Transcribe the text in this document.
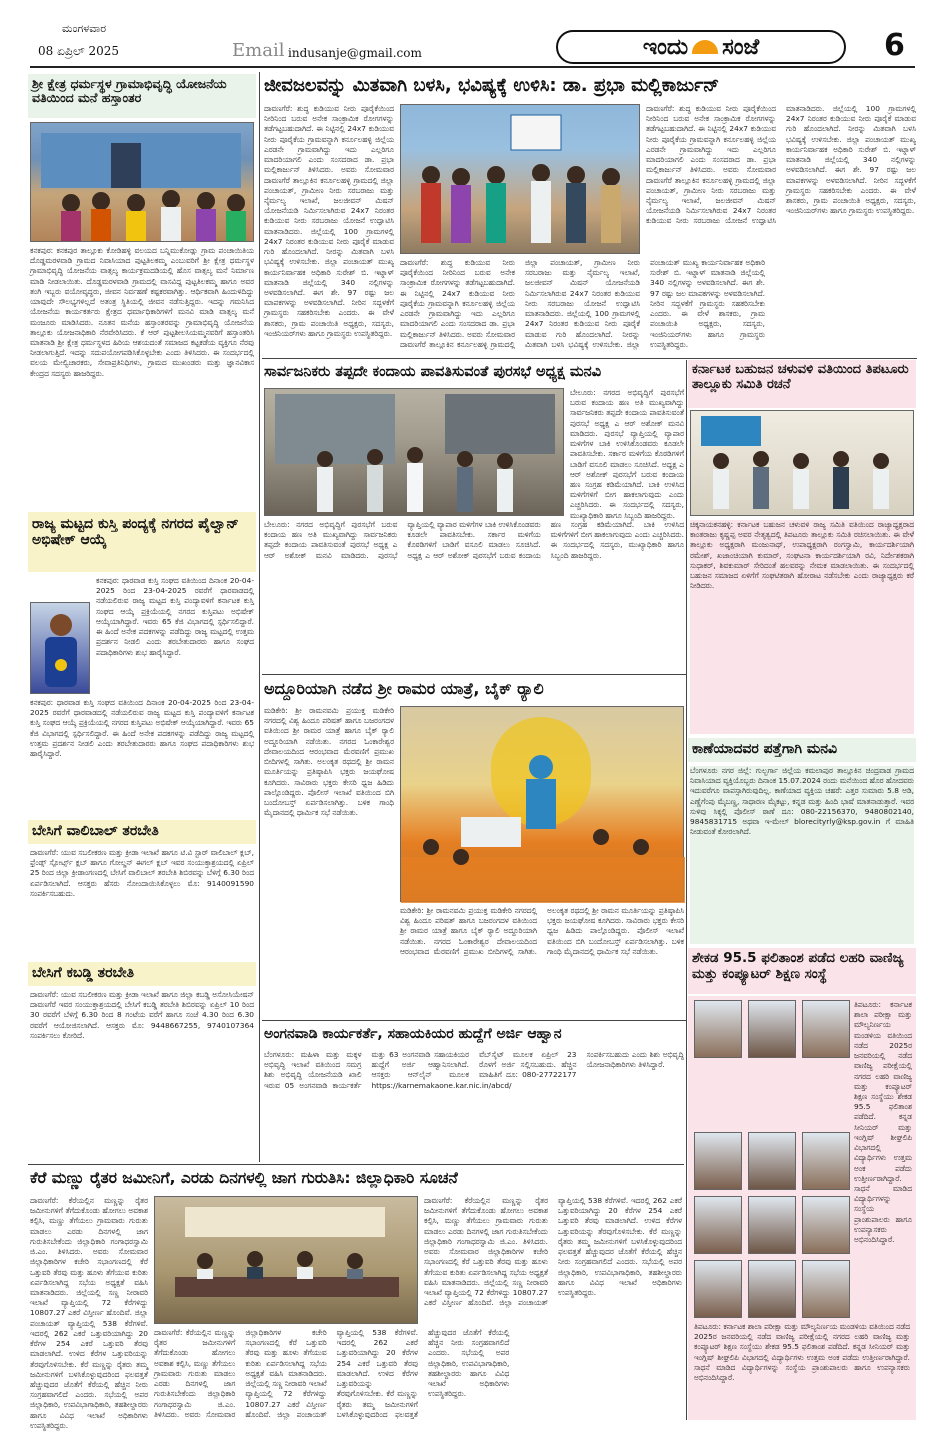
ಮಂಗಳವಾರ
08 ಏಪ್ರಿಲ್ 2025	Email indusanje@gmail.com	ಇಂದು ಸಂಜೆ	6
ಶ್ರೀ ಕ್ಷೇತ್ರ ಧರ್ಮಸ್ಥಳ ಗ್ರಾಮಾಭಿವೃದ್ಧಿ ಯೋಜನೆಯ ವತಿಯಿಂದ ಮನೆ ಹಸ್ತಾಂತರ
ಕನಕಪುರ: ಕನಕಪುರ ತಾಲ್ಲೂಕು ಕೋಡಿಹಳ್ಳಿ ವಲಯದ ಬನ್ನಿಮುಕೋಡ್ಲು ಗ್ರಾಮ ಪಂಚಾಯಿತಿಯ ದೊಡ್ಡಮರಳವಾಡಿ ಗ್ರಾಮದ ನಿವಾಸಿಯಾದ ಪುಟ್ಟತಿಲಕಮ್ಮ ಎಂಬುವರಿಗೆ ಶ್ರೀ ಕ್ಷೇತ್ರ ಧರ್ಮಸ್ಥಳ ಗ್ರಾಮಾಭಿವೃದ್ಧಿ ಯೋಜನೆಯ ವಾತ್ಸಲ್ಯ ಕಾರ್ಯಕ್ರಮದಡಿಯಲ್ಲಿ ಹೊಸ ವಾತ್ಸಲ್ಯ ಮನೆ ನಿರ್ಮಾಣ ಮಾಡಿ ನೀಡಲಾಯಿತು. ದೊಡ್ಡಮರಳವಾಡಿ ಗ್ರಾಮದಲ್ಲಿ ವಾಸವಿದ್ದ ಪುಟ್ಟತಿಲಕಮ್ಮ ಹಾಗೂ ಅವರ ತಂಗಿ ಇಬ್ಬರು ವಯೋವೃದ್ಧರು, ಜೀವನ ನಿರ್ವಹಣೆ ಕಷ್ಟಕರವಾಗಿತ್ತು. ಆರ್ಥಿಕವಾಗಿ ಹಿಂದುಳಿದಿದ್ದು ಯಾವುದೇ ಸೌಲಭ್ಯಗಳಿಲ್ಲದೆ ಅತಂತ್ರ ಸ್ಥಿತಿಯಲ್ಲಿ ಜೀವನ ನಡೆಸುತ್ತಿದ್ದರು. ಇದನ್ನು ಗಮನಿಸಿದ ಯೋಜನೆಯ ಕಾರ್ಯಕರ್ತರು ಕ್ಷೇತ್ರದ ಧರ್ಮಾಧಿಕಾರಿಗಳಿಗೆ ಮನವಿ ಮಾಡಿ ವಾತ್ಸಲ್ಯ ಮನೆ ಮಂಜೂರು ಮಾಡಿಸಿದರು. ನೂತನ ಮನೆಯ ಹಸ್ತಾಂತರವನ್ನು ಗ್ರಾಮಾಭಿವೃದ್ಧಿ ಯೋಜನೆಯ ತಾಲ್ಲೂಕು ಯೋಜನಾಧಿಕಾರಿ ನೆರವೇರಿಸಿದರು. ಕೆ ಆರ್ ಪುಟ್ಟಶೀಲಸಿಯಮ್ಮನವರಿಗೆ ಹಸ್ತಾಂತರಿಸಿ ಮಾತನಾಡಿ ಶ್ರೀ ಕ್ಷೇತ್ರ ಧರ್ಮಸ್ಥಳದ ಹಿರಿಯ ಆಶಯದಂತೆ ಸಮಾಜದ ಕಟ್ಟಕಡೆಯ ವ್ಯಕ್ತಿಗೂ ನೆರವು ನೀಡಲಾಗುತ್ತಿದೆ. ಇದನ್ನು ಸದುಪಯೋಗಪಡಿಸಿಕೊಳ್ಳಬೇಕು ಎಂದು ತಿಳಿಸಿದರು. ಈ ಸಂದರ್ಭದಲ್ಲಿ ವಲಯ ಮೇಲ್ವಿಚಾರಕರು, ಸೇವಾಪ್ರತಿನಿಧಿಗಳು, ಗ್ರಾಮದ ಮುಖಂಡರು ಮತ್ತು ಜ್ಞಾನವಿಕಾಸ ಕೇಂದ್ರದ ಸದಸ್ಯರು ಹಾಜರಿದ್ದರು.
ರಾಜ್ಯ ಮಟ್ಟದ ಕುಸ್ತಿ ಪಂದ್ಯಕ್ಕೆ ನಗರದ ಪೈಲ್ವಾನ್ ಅಭಿಷೇಕ್ ಆಯ್ಕೆ
ಕನಕಪುರ: ಧಾರವಾಡ ಕುಸ್ತಿ ಸಂಘದ ವತಿಯಿಂದ ದಿನಾಂಕ 20-04-2025 ರಿಂದ 23-04-2025 ರವರೆಗೆ ಧಾರವಾಡದಲ್ಲಿ ನಡೆಯಲಿರುವ ರಾಜ್ಯ ಮಟ್ಟದ ಕುಸ್ತಿ ಪಂದ್ಯಾವಳಿಗೆ ಕರ್ನಾಟಕ ಕುಸ್ತಿ ಸಂಘದ ಆಯ್ಕೆ ಪ್ರಕ್ರಿಯೆಯಲ್ಲಿ ನಗರದ ಕುಸ್ತಿಪಟು ಅಭಿಷೇಕ್ ಆಯ್ಕೆಯಾಗಿದ್ದಾರೆ. ಇವರು 65 ಕೆಜಿ ವಿಭಾಗದಲ್ಲಿ ಸ್ಪರ್ಧಿಸಲಿದ್ದಾರೆ. ಈ ಹಿಂದೆ ಅನೇಕ ಪದಕಗಳನ್ನು ಪಡೆದಿದ್ದು ರಾಜ್ಯ ಮಟ್ಟದಲ್ಲಿ ಉತ್ತಮ ಪ್ರದರ್ಶನ ನೀಡಲಿ ಎಂದು ತರಬೇತುದಾರರು ಹಾಗೂ ಸಂಘದ ಪದಾಧಿಕಾರಿಗಳು ಶುಭ ಹಾರೈಸಿದ್ದಾರೆ.
ಕನಕಪುರ: ಧಾರವಾಡ ಕುಸ್ತಿ ಸಂಘದ ವತಿಯಿಂದ ದಿನಾಂಕ 20-04-2025 ರಿಂದ 23-04-2025 ರವರೆಗೆ ಧಾರವಾಡದಲ್ಲಿ ನಡೆಯಲಿರುವ ರಾಜ್ಯ ಮಟ್ಟದ ಕುಸ್ತಿ ಪಂದ್ಯಾವಳಿಗೆ ಕರ್ನಾಟಕ ಕುಸ್ತಿ ಸಂಘದ ಆಯ್ಕೆ ಪ್ರಕ್ರಿಯೆಯಲ್ಲಿ ನಗರದ ಕುಸ್ತಿಪಟು ಅಭಿಷೇಕ್ ಆಯ್ಕೆಯಾಗಿದ್ದಾರೆ. ಇವರು 65 ಕೆಜಿ ವಿಭಾಗದಲ್ಲಿ ಸ್ಪರ್ಧಿಸಲಿದ್ದಾರೆ. ಈ ಹಿಂದೆ ಅನೇಕ ಪದಕಗಳನ್ನು ಪಡೆದಿದ್ದು ರಾಜ್ಯ ಮಟ್ಟದಲ್ಲಿ ಉತ್ತಮ ಪ್ರದರ್ಶನ ನೀಡಲಿ ಎಂದು ತರಬೇತುದಾರರು ಹಾಗೂ ಸಂಘದ ಪದಾಧಿಕಾರಿಗಳು ಶುಭ ಹಾರೈಸಿದ್ದಾರೆ.
ಬೇಸಿಗೆ ವಾಲಿಬಾಲ್ ತರಬೇತಿ
ದಾವಣಗೆರೆ: ಯುವ ಸಬಲೀಕರಣ ಮತ್ತು ಕ್ರೀಡಾ ಇಲಾಖೆ ಹಾಗೂ ಟಿ.ವಿ ಸ್ಟಾರ್ ವಾಲಿಬಾಲ್ ಕ್ಲಬ್, ಫ್ರೆಂಡ್ಸ್ ಸ್ಪೋರ್ಟ್ಸ್ ಕ್ಲಬ್ ಹಾಗೂ ಗೋಲ್ಡನ್ ಈಗಲ್ ಕ್ಲಬ್ ಇವರ ಸಂಯುಕ್ತಾಶ್ರಯದಲ್ಲಿ ಏಪ್ರಿಲ್ 25 ರಿಂದ ಜಿಲ್ಲಾ ಕ್ರೀಡಾಂಗಣದಲ್ಲಿ ಬೇಸಿಗೆ ವಾಲಿಬಾಲ್ ತರಬೇತಿ ಶಿಬಿರವನ್ನು ಬೆಳಿಗ್ಗೆ 6.30 ರಿಂದ ಏರ್ಪಡಿಸಲಾಗಿದೆ. ಆಸಕ್ತರು ಹೆಸರು ನೋಂದಾಯಿಸಿಕೊಳ್ಳಲು ಮೊ: 9140091590 ಸಂಪರ್ಕಿಸಬಹುದು.
ಬೇಸಿಗೆ ಕಬಡ್ಡಿ ತರಬೇತಿ
ದಾವಣಗೆರೆ: ಯುವ ಸಬಲೀಕರಣ ಮತ್ತು ಕ್ರೀಡಾ ಇಲಾಖೆ ಹಾಗೂ ಜಿಲ್ಲಾ ಕಬಡ್ಡಿ ಅಸೋಸಿಯೇಷನ್ ದಾವಣಗೆರೆ ಇವರ ಸಂಯುಕ್ತಾಶ್ರಯದಲ್ಲಿ ಬೇಸಿಗೆ ಕಬಡ್ಡಿ ತರಬೇತಿ ಶಿಬಿರವನ್ನು ಏಪ್ರಿಲ್ 10 ರಿಂದ 30 ರವರೆಗೆ ಬೆಳಿಗ್ಗೆ 6.30 ರಿಂದ 8 ಗಂಟೆಯ ವರೆಗೆ ಹಾಗೂ ಸಂಜೆ 4.30 ರಿಂದ 6.30 ರವರೆಗೆ ಆಯೋಜಿಸಲಾಗಿದೆ. ಆಸಕ್ತರು ಮೊ: 9448667255, 9740107364 ಸಂಪರ್ಕಿಸಲು ಕೋರಿದೆ.
ಜೀವಜಲವನ್ನು ಮಿತವಾಗಿ ಬಳಸಿ, ಭವಿಷ್ಯಕ್ಕೆ ಉಳಿಸಿ: ಡಾ. ಪ್ರಭಾ ಮಲ್ಲಿಕಾರ್ಜುನ್
ದಾವಣಗೆರೆ: ಶುದ್ಧ ಕುಡಿಯುವ ನೀರು ಪೂರೈಕೆಯಿಂದ ನೀರಿನಿಂದ ಬರುವ ಅನೇಕ ಸಾಂಕ್ರಾಮಿಕ ರೋಗಗಳನ್ನು ತಡೆಗಟ್ಟಬಹುದಾಗಿದೆ. ಈ ನಿಟ್ಟಿನಲ್ಲಿ 24x7 ಕುಡಿಯುವ ನೀರು ಪೂರೈಕೆಯ ಗ್ರಾಮವನ್ನಾಗಿ ಕರ್ನೂಲಹಳ್ಳಿ ಜಿಲ್ಲೆಯ ಎರಡನೇ ಗ್ರಾಮವಾಗಿದ್ದು ಇದು ಎಲ್ಲರಿಗೂ ಮಾದರಿಯಾಗಲಿ ಎಂದು ಸಂಸದರಾದ ಡಾ. ಪ್ರಭಾ ಮಲ್ಲಿಕಾರ್ಜುನ್ ತಿಳಿಸಿದರು. ಅವರು ಸೋಮವಾರ ದಾವಣಗೆರೆ ತಾಲ್ಲೂಕಿನ ಕರ್ನೂಲಹಳ್ಳಿ ಗ್ರಾಮದಲ್ಲಿ ಜಿಲ್ಲಾ ಪಂಚಾಯತ್, ಗ್ರಾಮೀಣ ನೀರು ಸರಬರಾಜು ಮತ್ತು ನೈರ್ಮಲ್ಯ ಇಲಾಖೆ, ಜಲಜೀವನ್ ಮಿಷನ್ ಯೋಜನೆಯಡಿ ನಿರ್ಮಿಸಲಾಗಿರುವ 24x7 ನಿರಂತರ ಕುಡಿಯುವ ನೀರು ಸರಬರಾಜು ಯೋಜನೆ ಉದ್ಘಾಟಿಸಿ ಮಾತನಾಡಿದರು. ಜಿಲ್ಲೆಯಲ್ಲಿ 100 ಗ್ರಾಮಗಳಲ್ಲಿ 24x7 ನಿರಂತರ ಕುಡಿಯುವ ನೀರು ಪೂರೈಕೆ ಮಾಡುವ ಗುರಿ ಹೊಂದಲಾಗಿದೆ. ನೀರನ್ನು ಮಿತವಾಗಿ ಬಳಸಿ ಭವಿಷ್ಯಕ್ಕೆ ಉಳಿಸಬೇಕು. ಜಿಲ್ಲಾ ಪಂಚಾಯತ್ ಮುಖ್ಯ ಕಾರ್ಯನಿರ್ವಾಹಕ ಅಧಿಕಾರಿ ಸುರೇಶ್ ಬಿ. ಇಟ್ನಾಳ್ ಮಾತನಾಡಿ ಜಿಲ್ಲೆಯಲ್ಲಿ 340 ನಲ್ಲಿಗಳನ್ನು ಅಳವಡಿಸಲಾಗಿದೆ. ಈಗ ಶೇ. 97 ರಷ್ಟು ಜಲ ಮಾಪಕಗಳನ್ನು ಅಳವಡಿಸಲಾಗಿದೆ. ನೀರಿನ ಸದ್ಬಳಕೆಗೆ ಗ್ರಾಮಸ್ಥರು ಸಹಕರಿಸಬೇಕು ಎಂದರು. ಈ ವೇಳೆ ಶಾಸಕರು, ಗ್ರಾಮ ಪಂಚಾಯಿತಿ ಅಧ್ಯಕ್ಷರು, ಸದಸ್ಯರು, ಇಂಜಿನಿಯರ್‌ಗಳು ಹಾಗೂ ಗ್ರಾಮಸ್ಥರು ಉಪಸ್ಥಿತರಿದ್ದರು.
ದಾವಣಗೆರೆ: ಶುದ್ಧ ಕುಡಿಯುವ ನೀರು ಪೂರೈಕೆಯಿಂದ ನೀರಿನಿಂದ ಬರುವ ಅನೇಕ ಸಾಂಕ್ರಾಮಿಕ ರೋಗಗಳನ್ನು ತಡೆಗಟ್ಟಬಹುದಾಗಿದೆ. ಈ ನಿಟ್ಟಿನಲ್ಲಿ 24x7 ಕುಡಿಯುವ ನೀರು ಪೂರೈಕೆಯ ಗ್ರಾಮವನ್ನಾಗಿ ಕರ್ನೂಲಹಳ್ಳಿ ಜಿಲ್ಲೆಯ ಎರಡನೇ ಗ್ರಾಮವಾಗಿದ್ದು ಇದು ಎಲ್ಲರಿಗೂ ಮಾದರಿಯಾಗಲಿ ಎಂದು ಸಂಸದರಾದ ಡಾ. ಪ್ರಭಾ ಮಲ್ಲಿಕಾರ್ಜುನ್ ತಿಳಿಸಿದರು. ಅವರು ಸೋಮವಾರ ದಾವಣಗೆರೆ ತಾಲ್ಲೂಕಿನ ಕರ್ನೂಲಹಳ್ಳಿ ಗ್ರಾಮದಲ್ಲಿ ಜಿಲ್ಲಾ ಪಂಚಾಯತ್, ಗ್ರಾಮೀಣ ನೀರು ಸರಬರಾಜು ಮತ್ತು ನೈರ್ಮಲ್ಯ ಇಲಾಖೆ, ಜಲಜೀವನ್ ಮಿಷನ್ ಯೋಜನೆಯಡಿ ನಿರ್ಮಿಸಲಾಗಿರುವ 24x7 ನಿರಂತರ ಕುಡಿಯುವ ನೀರು ಸರಬರಾಜು ಯೋಜನೆ ಉದ್ಘಾಟಿಸಿ ಮಾತನಾಡಿದರು. ಜಿಲ್ಲೆಯಲ್ಲಿ 100 ಗ್ರಾಮಗಳಲ್ಲಿ 24x7 ನಿರಂತರ ಕುಡಿಯುವ ನೀರು ಪೂರೈಕೆ ಮಾಡುವ ಗುರಿ ಹೊಂದಲಾಗಿದೆ. ನೀರನ್ನು ಮಿತವಾಗಿ ಬಳಸಿ ಭವಿಷ್ಯಕ್ಕೆ ಉಳಿಸಬೇಕು. ಜಿಲ್ಲಾ ಪಂಚಾಯತ್ ಮುಖ್ಯ ಕಾರ್ಯನಿರ್ವಾಹಕ ಅಧಿಕಾರಿ ಸುರೇಶ್ ಬಿ. ಇಟ್ನಾಳ್ ಮಾತನಾಡಿ ಜಿಲ್ಲೆಯಲ್ಲಿ 340 ನಲ್ಲಿಗಳನ್ನು ಅಳವಡಿಸಲಾಗಿದೆ. ಈಗ ಶೇ. 97 ರಷ್ಟು ಜಲ ಮಾಪಕಗಳನ್ನು ಅಳವಡಿಸಲಾಗಿದೆ. ನೀರಿನ ಸದ್ಬಳಕೆಗೆ ಗ್ರಾಮಸ್ಥರು ಸಹಕರಿಸಬೇಕು ಎಂದರು. ಈ ವೇಳೆ ಶಾಸಕರು, ಗ್ರಾಮ ಪಂಚಾಯಿತಿ ಅಧ್ಯಕ್ಷರು, ಸದಸ್ಯರು, ಇಂಜಿನಿಯರ್‌ಗಳು ಹಾಗೂ ಗ್ರಾಮಸ್ಥರು ಉಪಸ್ಥಿತರಿದ್ದರು.
ದಾವಣಗೆರೆ: ಶುದ್ಧ ಕುಡಿಯುವ ನೀರು ಪೂರೈಕೆಯಿಂದ ನೀರಿನಿಂದ ಬರುವ ಅನೇಕ ಸಾಂಕ್ರಾಮಿಕ ರೋಗಗಳನ್ನು ತಡೆಗಟ್ಟಬಹುದಾಗಿದೆ. ಈ ನಿಟ್ಟಿನಲ್ಲಿ 24x7 ಕುಡಿಯುವ ನೀರು ಪೂರೈಕೆಯ ಗ್ರಾಮವನ್ನಾಗಿ ಕರ್ನೂಲಹಳ್ಳಿ ಜಿಲ್ಲೆಯ ಎರಡನೇ ಗ್ರಾಮವಾಗಿದ್ದು ಇದು ಎಲ್ಲರಿಗೂ ಮಾದರಿಯಾಗಲಿ ಎಂದು ಸಂಸದರಾದ ಡಾ. ಪ್ರಭಾ ಮಲ್ಲಿಕಾರ್ಜುನ್ ತಿಳಿಸಿದರು. ಅವರು ಸೋಮವಾರ ದಾವಣಗೆರೆ ತಾಲ್ಲೂಕಿನ ಕರ್ನೂಲಹಳ್ಳಿ ಗ್ರಾಮದಲ್ಲಿ ಜಿಲ್ಲಾ ಪಂಚಾಯತ್, ಗ್ರಾಮೀಣ ನೀರು ಸರಬರಾಜು ಮತ್ತು ನೈರ್ಮಲ್ಯ ಇಲಾಖೆ, ಜಲಜೀವನ್ ಮಿಷನ್ ಯೋಜನೆಯಡಿ ನಿರ್ಮಿಸಲಾಗಿರುವ 24x7 ನಿರಂತರ ಕುಡಿಯುವ ನೀರು ಸರಬರಾಜು ಯೋಜನೆ ಉದ್ಘಾಟಿಸಿ ಮಾತನಾಡಿದರು. ಜಿಲ್ಲೆಯಲ್ಲಿ 100 ಗ್ರಾಮಗಳಲ್ಲಿ 24x7 ನಿರಂತರ ಕುಡಿಯುವ ನೀರು ಪೂರೈಕೆ ಮಾಡುವ ಗುರಿ ಹೊಂದಲಾಗಿದೆ. ನೀರನ್ನು ಮಿತವಾಗಿ ಬಳಸಿ ಭವಿಷ್ಯಕ್ಕೆ ಉಳಿಸಬೇಕು. ಜಿಲ್ಲಾ ಪಂಚಾಯತ್ ಮುಖ್ಯ ಕಾರ್ಯನಿರ್ವಾಹಕ ಅಧಿಕಾರಿ ಸುರೇಶ್ ಬಿ. ಇಟ್ನಾಳ್ ಮಾತನಾಡಿ ಜಿಲ್ಲೆಯಲ್ಲಿ 340 ನಲ್ಲಿಗಳನ್ನು ಅಳವಡಿಸಲಾಗಿದೆ. ಈಗ ಶೇ. 97 ರಷ್ಟು ಜಲ ಮಾಪಕಗಳನ್ನು ಅಳವಡಿಸಲಾಗಿದೆ. ನೀರಿನ ಸದ್ಬಳಕೆಗೆ ಗ್ರಾಮಸ್ಥರು ಸಹಕರಿಸಬೇಕು ಎಂದರು. ಈ ವೇಳೆ ಶಾಸಕರು, ಗ್ರಾಮ ಪಂಚಾಯಿತಿ ಅಧ್ಯಕ್ಷರು, ಸದಸ್ಯರು, ಇಂಜಿನಿಯರ್‌ಗಳು ಹಾಗೂ ಗ್ರಾಮಸ್ಥರು ಉಪಸ್ಥಿತರಿದ್ದರು.
ಸಾರ್ವಜನಿಕರು ತಪ್ಪದೇ ಕಂದಾಯ ಪಾವತಿಸುವಂತೆ ಪುರಸಭೆ ಅಧ್ಯಕ್ಷ ಮನವಿ
ಬೇಲೂರು: ನಗರದ ಅಭಿವೃದ್ಧಿಗೆ ಪುರಸಭೆಗೆ ಬರುವ ಕಂದಾಯ ಹಣ ಅತಿ ಮುಖ್ಯವಾಗಿದ್ದು ಸಾರ್ವಜನಿಕರು ತಪ್ಪದೇ ಕಂದಾಯ ಪಾವತಿಸುವಂತೆ ಪುರಸಭೆ ಅಧ್ಯಕ್ಷ ಎ ಆರ್ ಅಶೋಕ್ ಮನವಿ ಮಾಡಿದರು. ಪುರಸಭೆ ವ್ಯಾಪ್ತಿಯಲ್ಲಿ ವ್ಯಾಪಾರ ಮಳಿಗೆಗಳ ಬಾಕಿ ಉಳಿಸಿಕೊಂಡವರು ಕೂಡಲೇ ಪಾವತಿಸಬೇಕು. ಸರ್ಕಾರ ಮಳಿಗೆಯ ಕೊಠಡಿಗಳಿಗೆ ಬಾಡಿಗೆ ವಸೂಲಿ ಮಾಡಲು ಸೂಚಿಸಿದೆ. ಅಧ್ಯಕ್ಷ ಎ ಆರ್ ಅಶೋಕ್ ಪುರಸಭೆಗೆ ಬರುವ ಕಂದಾಯ ಹಣ ಸಂಗ್ರಹ ಕಡಿಮೆಯಾಗಿದೆ. ಬಾಕಿ ಉಳಿಸಿದ ಮಳಿಗೆಗಳಿಗೆ ಬೀಗ ಹಾಕಲಾಗುವುದು ಎಂದು ಎಚ್ಚರಿಸಿದರು. ಈ ಸಂದರ್ಭದಲ್ಲಿ ಸದಸ್ಯರು, ಮುಖ್ಯಾಧಿಕಾರಿ ಹಾಗೂ ಸಿಬ್ಬಂದಿ ಹಾಜರಿದ್ದರು.
ಬೇಲೂರು: ನಗರದ ಅಭಿವೃದ್ಧಿಗೆ ಪುರಸಭೆಗೆ ಬರುವ ಕಂದಾಯ ಹಣ ಅತಿ ಮುಖ್ಯವಾಗಿದ್ದು ಸಾರ್ವಜನಿಕರು ತಪ್ಪದೇ ಕಂದಾಯ ಪಾವತಿಸುವಂತೆ ಪುರಸಭೆ ಅಧ್ಯಕ್ಷ ಎ ಆರ್ ಅಶೋಕ್ ಮನವಿ ಮಾಡಿದರು. ಪುರಸಭೆ ವ್ಯಾಪ್ತಿಯಲ್ಲಿ ವ್ಯಾಪಾರ ಮಳಿಗೆಗಳ ಬಾಕಿ ಉಳಿಸಿಕೊಂಡವರು ಕೂಡಲೇ ಪಾವತಿಸಬೇಕು. ಸರ್ಕಾರ ಮಳಿಗೆಯ ಕೊಠಡಿಗಳಿಗೆ ಬಾಡಿಗೆ ವಸೂಲಿ ಮಾಡಲು ಸೂಚಿಸಿದೆ. ಅಧ್ಯಕ್ಷ ಎ ಆರ್ ಅಶೋಕ್ ಪುರಸಭೆಗೆ ಬರುವ ಕಂದಾಯ ಹಣ ಸಂಗ್ರಹ ಕಡಿಮೆಯಾಗಿದೆ. ಬಾಕಿ ಉಳಿಸಿದ ಮಳಿಗೆಗಳಿಗೆ ಬೀಗ ಹಾಕಲಾಗುವುದು ಎಂದು ಎಚ್ಚರಿಸಿದರು. ಈ ಸಂದರ್ಭದಲ್ಲಿ ಸದಸ್ಯರು, ಮುಖ್ಯಾಧಿಕಾರಿ ಹಾಗೂ ಸಿಬ್ಬಂದಿ ಹಾಜರಿದ್ದರು.
ಅದ್ದೂರಿಯಾಗಿ ನಡೆದ ಶ್ರೀ ರಾಮರ ಯಾತ್ರೆ, ಬೈಕ್ ರ‍್ಯಾಲಿ
ಮಡಿಕೇರಿ: ಶ್ರೀ ರಾಮನವಮಿ ಪ್ರಯುಕ್ತ ಮಡಿಕೇರಿ ನಗರದಲ್ಲಿ ವಿಶ್ವ ಹಿಂದೂ ಪರಿಷತ್ ಹಾಗೂ ಬಜರಂಗದಳ ವತಿಯಿಂದ ಶ್ರೀ ರಾಮರ ಯಾತ್ರೆ ಹಾಗೂ ಬೈಕ್ ರ‍್ಯಾಲಿ ಅದ್ದೂರಿಯಾಗಿ ನಡೆಯಿತು. ನಗರದ ಓಂಕಾರೇಶ್ವರ ದೇವಾಲಯದಿಂದ ಆರಂಭವಾದ ಮೆರವಣಿಗೆ ಪ್ರಮುಖ ಬೀದಿಗಳಲ್ಲಿ ಸಾಗಿತು. ಅಲಂಕೃತ ರಥದಲ್ಲಿ ಶ್ರೀ ರಾಮನ ಮೂರ್ತಿಯನ್ನು ಪ್ರತಿಷ್ಠಾಪಿಸಿ ಭಕ್ತರು ಜಯಘೋಷ ಕೂಗಿದರು. ಸಾವಿರಾರು ಭಕ್ತರು ಕೇಸರಿ ಧ್ವಜ ಹಿಡಿದು ಪಾಲ್ಗೊಂಡಿದ್ದರು. ಪೊಲೀಸ್ ಇಲಾಖೆ ವತಿಯಿಂದ ಬಿಗಿ ಬಂದೋಬಸ್ತ್ ಏರ್ಪಡಿಸಲಾಗಿತ್ತು. ಬಳಿಕ ಗಾಂಧಿ ಮೈದಾನದಲ್ಲಿ ಧಾರ್ಮಿಕ ಸಭೆ ನಡೆಯಿತು.
ಮಡಿಕೇರಿ: ಶ್ರೀ ರಾಮನವಮಿ ಪ್ರಯುಕ್ತ ಮಡಿಕೇರಿ ನಗರದಲ್ಲಿ ವಿಶ್ವ ಹಿಂದೂ ಪರಿಷತ್ ಹಾಗೂ ಬಜರಂಗದಳ ವತಿಯಿಂದ ಶ್ರೀ ರಾಮರ ಯಾತ್ರೆ ಹಾಗೂ ಬೈಕ್ ರ‍್ಯಾಲಿ ಅದ್ದೂರಿಯಾಗಿ ನಡೆಯಿತು. ನಗರದ ಓಂಕಾರೇಶ್ವರ ದೇವಾಲಯದಿಂದ ಆರಂಭವಾದ ಮೆರವಣಿಗೆ ಪ್ರಮುಖ ಬೀದಿಗಳಲ್ಲಿ ಸಾಗಿತು. ಅಲಂಕೃತ ರಥದಲ್ಲಿ ಶ್ರೀ ರಾಮನ ಮೂರ್ತಿಯನ್ನು ಪ್ರತಿಷ್ಠಾಪಿಸಿ ಭಕ್ತರು ಜಯಘೋಷ ಕೂಗಿದರು. ಸಾವಿರಾರು ಭಕ್ತರು ಕೇಸರಿ ಧ್ವಜ ಹಿಡಿದು ಪಾಲ್ಗೊಂಡಿದ್ದರು. ಪೊಲೀಸ್ ಇಲಾಖೆ ವತಿಯಿಂದ ಬಿಗಿ ಬಂದೋಬಸ್ತ್ ಏರ್ಪಡಿಸಲಾಗಿತ್ತು. ಬಳಿಕ ಗಾಂಧಿ ಮೈದಾನದಲ್ಲಿ ಧಾರ್ಮಿಕ ಸಭೆ ನಡೆಯಿತು.
ಅಂಗನವಾಡಿ ಕಾರ್ಯಕರ್ತೆ, ಸಹಾಯಕಿಯರ ಹುದ್ದೆಗೆ ಅರ್ಜಿ ಆಹ್ವಾನ
ಬೆಂಗಳೂರು: ಮಹಿಳಾ ಮತ್ತು ಮಕ್ಕಳ ಅಭಿವೃದ್ಧಿ ಇಲಾಖೆ ವತಿಯಿಂದ ಸಮಗ್ರ ಶಿಶು ಅಭಿವೃದ್ಧಿ ಯೋಜನೆಯಡಿ ಖಾಲಿ ಇರುವ 05 ಅಂಗನವಾಡಿ ಕಾರ್ಯಕರ್ತೆ ಮತ್ತು 63 ಅಂಗನವಾಡಿ ಸಹಾಯಕಿಯರ ಹುದ್ದೆಗೆ ಅರ್ಜಿ ಆಹ್ವಾನಿಸಲಾಗಿದೆ. ಆಸಕ್ತರು ಆನ್‌ಲೈನ್ ಮೂಲಕ https://karnemakaone.kar.nic.in/abcd/ ವೆಬ್‌ಸೈಟ್ ಮೂಲಕ ಏಪ್ರಿಲ್ 23 ರೊಳಗೆ ಅರ್ಜಿ ಸಲ್ಲಿಸಬಹುದು. ಹೆಚ್ಚಿನ ಮಾಹಿತಿಗೆ ದೂ: 080-27722177 ಸಂಪರ್ಕಿಸಬಹುದು ಎಂದು ಶಿಶು ಅಭಿವೃದ್ಧಿ ಯೋಜನಾಧಿಕಾರಿಗಳು ತಿಳಿಸಿದ್ದಾರೆ.
ಕರ್ನಾಟಕ ಬಹುಜನ ಚಳುವಳಿ ವತಿಯಿಂದ ತಿಪಟೂರು ತಾಲ್ಲೂಕು ಸಮಿತಿ ರಚನೆ
ಚಿಕ್ಕನಾಯಕನಹಳ್ಳಿ: ಕರ್ನಾಟಕ ಬಹುಜನ ಚಳುವಳಿ ರಾಜ್ಯ ಸಮಿತಿ ವತಿಯಿಂದ ರಾಜ್ಯಾಧ್ಯಕ್ಷರಾದ ಕಾಂತರಾಜು ಕೃಷ್ಣಪ್ಪ ಅವರ ನೇತೃತ್ವದಲ್ಲಿ ತಿಪಟೂರು ತಾಲ್ಲೂಕು ಸಮಿತಿ ರಚಿಸಲಾಯಿತು. ಈ ವೇಳೆ ತಾಲ್ಲೂಕು ಅಧ್ಯಕ್ಷರಾಗಿ ಮಂಜುನಾಥ್, ಉಪಾಧ್ಯಕ್ಷರಾಗಿ ರಂಗಸ್ವಾಮಿ, ಕಾರ್ಯದರ್ಶಿಯಾಗಿ ರಮೇಶ್, ಖಜಾಂಚಿಯಾಗಿ ಕುಮಾರ್, ಸಂಘಟನಾ ಕಾರ್ಯದರ್ಶಿಯಾಗಿ ರವಿ, ನಿರ್ದೇಶಕರಾಗಿ ಸುಧಾಕರ್, ಶಿವಕುಮಾರ್ ಸೇರಿದಂತೆ ಹಲವರನ್ನು ನೇಮಕ ಮಾಡಲಾಯಿತು. ಈ ಸಂದರ್ಭದಲ್ಲಿ ಬಹುಜನ ಸಮಾಜದ ಏಳಿಗೆಗೆ ಸಂಘಟಿತರಾಗಿ ಹೋರಾಟ ನಡೆಸಬೇಕು ಎಂದು ರಾಜ್ಯಾಧ್ಯಕ್ಷರು ಕರೆ ನೀಡಿದರು.
ಕಾಣೆಯಾದವರ ಪತ್ತೆಗಾಗಿ ಮನವಿ
ಬೆಂಗಳೂರು ನಗರ ಜಿಲ್ಲೆ: ಗುಲ್ಬರ್ಗಾ ಜಿಲ್ಲೆಯ ಕಮಲಾಪುರ ತಾಲ್ಲೂಕಿನ ಚಿಂದ್ರವಾಡ ಗ್ರಾಮದ ನಿವಾಸಿಯಾದ ವ್ಯಕ್ತಿಯೊಬ್ಬರು ದಿನಾಂಕ 15.07.2024 ರಂದು ಮನೆಯಿಂದ ಹೊರ ಹೋದವರು ಇದುವರೆಗೂ ವಾಪಸ್ಸಾಗಿರುವುದಿಲ್ಲ. ಕಾಣೆಯಾದ ವ್ಯಕ್ತಿಯ ಚಹರೆ: ಎತ್ತರ ಸುಮಾರು 5.8 ಅಡಿ, ಎಣ್ಣೆಗೆಂಪು ಮೈಬಣ್ಣ, ಸಾಧಾರಣ ಮೈಕಟ್ಟು, ಕನ್ನಡ ಮತ್ತು ಹಿಂದಿ ಭಾಷೆ ಮಾತನಾಡುತ್ತಾರೆ. ಇವರ ಸುಳಿವು ಸಿಕ್ಕಲ್ಲಿ ಪೊಲೀಸ್ ಠಾಣೆ ದೂ: 080-22156370, 9480802140, 9845831715 ಅಥವಾ ಇ-ಮೇಲ್ blorecityrly@ksp.gov.in ಗೆ ಮಾಹಿತಿ ನೀಡುವಂತೆ ಕೋರಲಾಗಿದೆ.
ಶೇಕಡ 95.5 ಫಲಿತಾಂಶ ಪಡೆದ ಲಹರಿ ವಾಣಿಜ್ಯ ಮತ್ತು ಕಂಪ್ಯೂಟರ್ ಶಿಕ್ಷಣ ಸಂಸ್ಥೆ
ತಿಪಟೂರು: ಕರ್ನಾಟಕ ಶಾಲಾ ಪರೀಕ್ಷಾ ಮತ್ತು ಮೌಲ್ಯನಿರ್ಣಯ ಮಂಡಳಿಯ ವತಿಯಿಂದ ನಡೆದ 2025ರ ಜನವರಿಯಲ್ಲಿ ನಡೆದ ವಾಣಿಜ್ಯ ಪರೀಕ್ಷೆಯಲ್ಲಿ ನಗರದ ಲಹರಿ ವಾಣಿಜ್ಯ ಮತ್ತು ಕಂಪ್ಯೂಟರ್ ಶಿಕ್ಷಣ ಸಂಸ್ಥೆಯು ಶೇಕಡ 95.5 ಫಲಿತಾಂಶ ಪಡೆದಿದೆ. ಕನ್ನಡ ಸೀನಿಯರ್ ಮತ್ತು ಇಂಗ್ಲಿಷ್ ಶೀಘ್ರಲಿಪಿ ವಿಭಾಗದಲ್ಲಿ ವಿದ್ಯಾರ್ಥಿಗಳು ಉತ್ತಮ ಅಂಕ ಪಡೆದು ಉತ್ತೀರ್ಣರಾಗಿದ್ದಾರೆ. ಸಾಧನೆ ಮಾಡಿದ ವಿದ್ಯಾರ್ಥಿಗಳನ್ನು ಸಂಸ್ಥೆಯ ಪ್ರಾಂಶುಪಾಲರು ಹಾಗೂ ಉಪನ್ಯಾಸಕರು ಅಭಿನಂದಿಸಿದ್ದಾರೆ.
ತಿಪಟೂರು: ಕರ್ನಾಟಕ ಶಾಲಾ ಪರೀಕ್ಷಾ ಮತ್ತು ಮೌಲ್ಯನಿರ್ಣಯ ಮಂಡಳಿಯ ವತಿಯಿಂದ ನಡೆದ 2025ರ ಜನವರಿಯಲ್ಲಿ ನಡೆದ ವಾಣಿಜ್ಯ ಪರೀಕ್ಷೆಯಲ್ಲಿ ನಗರದ ಲಹರಿ ವಾಣಿಜ್ಯ ಮತ್ತು ಕಂಪ್ಯೂಟರ್ ಶಿಕ್ಷಣ ಸಂಸ್ಥೆಯು ಶೇಕಡ 95.5 ಫಲಿತಾಂಶ ಪಡೆದಿದೆ. ಕನ್ನಡ ಸೀನಿಯರ್ ಮತ್ತು ಇಂಗ್ಲಿಷ್ ಶೀಘ್ರಲಿಪಿ ವಿಭಾಗದಲ್ಲಿ ವಿದ್ಯಾರ್ಥಿಗಳು ಉತ್ತಮ ಅಂಕ ಪಡೆದು ಉತ್ತೀರ್ಣರಾಗಿದ್ದಾರೆ. ಸಾಧನೆ ಮಾಡಿದ ವಿದ್ಯಾರ್ಥಿಗಳನ್ನು ಸಂಸ್ಥೆಯ ಪ್ರಾಂಶುಪಾಲರು ಹಾಗೂ ಉಪನ್ಯಾಸಕರು ಅಭಿನಂದಿಸಿದ್ದಾರೆ.
ಕೆರೆ ಮಣ್ಣು ರೈತರ ಜಮೀನಿಗೆ, ಎರಡು ದಿನಗಳಲ್ಲಿ ಜಾಗ ಗುರುತಿಸಿ: ಜಿಲ್ಲಾಧಿಕಾರಿ ಸೂಚನೆ
ದಾವಣಗೆರೆ: ಕೆರೆಯಲ್ಲಿನ ಮಣ್ಣನ್ನು ರೈತರ ಜಮೀನುಗಳಿಗೆ ತೆಗೆದುಕೊಂಡು ಹೋಗಲು ಅವಕಾಶ ಕಲ್ಪಿಸಿ, ಮಣ್ಣು ತೆಗೆಯಲು ಗ್ರಾಮವಾರು ಗುರುತು ಮಾಡಲು ಎರಡು ದಿನಗಳಲ್ಲಿ ಜಾಗ ಗುರುತಿಸಬೇಕೆಂದು ಜಿಲ್ಲಾಧಿಕಾರಿ ಗಂಗಾಧರಸ್ವಾಮಿ ಜಿ.ಎಂ. ತಿಳಿಸಿದರು. ಅವರು ಸೋಮವಾರ ಜಿಲ್ಲಾಧಿಕಾರಿಗಳ ಕಚೇರಿ ಸಭಾಂಗಣದಲ್ಲಿ ಕೆರೆ ಒತ್ತುವರಿ ತೆರವು ಮತ್ತು ಹೂಳು ತೆಗೆಯುವ ಕುರಿತು ಏರ್ಪಡಿಸಲಾಗಿದ್ದ ಸಭೆಯ ಅಧ್ಯಕ್ಷತೆ ವಹಿಸಿ ಮಾತನಾಡಿದರು. ಜಿಲ್ಲೆಯಲ್ಲಿ ಸಣ್ಣ ನೀರಾವರಿ ಇಲಾಖೆ ವ್ಯಾಪ್ತಿಯಲ್ಲಿ 72 ಕೆರೆಗಳಿದ್ದು 10807.27 ಎಕರೆ ವಿಸ್ತೀರ್ಣ ಹೊಂದಿವೆ. ಜಿಲ್ಲಾ ಪಂಚಾಯತ್ ವ್ಯಾಪ್ತಿಯಲ್ಲಿ 538 ಕೆರೆಗಳಿವೆ. ಇದರಲ್ಲಿ 262 ಎಕರೆ ಒತ್ತುವರಿಯಾಗಿದ್ದು 20 ಕೆರೆಗಳ 254 ಎಕರೆ ಒತ್ತುವರಿ ತೆರವು ಮಾಡಲಾಗಿದೆ. ಉಳಿದ ಕೆರೆಗಳ ಒತ್ತುವರಿಯನ್ನು ತೆರವುಗೊಳಿಸಬೇಕು. ಕೆರೆ ಮಣ್ಣನ್ನು ರೈತರು ತಮ್ಮ ಜಮೀನುಗಳಿಗೆ ಬಳಸಿಕೊಳ್ಳುವುದರಿಂದ ಫಲವತ್ತತೆ ಹೆಚ್ಚುವುದರ ಜೊತೆಗೆ ಕೆರೆಯಲ್ಲಿ ಹೆಚ್ಚಿನ ನೀರು ಸಂಗ್ರಹವಾಗಲಿದೆ ಎಂದರು. ಸಭೆಯಲ್ಲಿ ಅಪರ ಜಿಲ್ಲಾಧಿಕಾರಿ, ಉಪವಿಭಾಗಾಧಿಕಾರಿ, ತಹಶೀಲ್ದಾರರು ಹಾಗೂ ವಿವಿಧ ಇಲಾಖೆ ಅಧಿಕಾರಿಗಳು ಉಪಸ್ಥಿತರಿದ್ದರು.
ದಾವಣಗೆರೆ: ಕೆರೆಯಲ್ಲಿನ ಮಣ್ಣನ್ನು ರೈತರ ಜಮೀನುಗಳಿಗೆ ತೆಗೆದುಕೊಂಡು ಹೋಗಲು ಅವಕಾಶ ಕಲ್ಪಿಸಿ, ಮಣ್ಣು ತೆಗೆಯಲು ಗ್ರಾಮವಾರು ಗುರುತು ಮಾಡಲು ಎರಡು ದಿನಗಳಲ್ಲಿ ಜಾಗ ಗುರುತಿಸಬೇಕೆಂದು ಜಿಲ್ಲಾಧಿಕಾರಿ ಗಂಗಾಧರಸ್ವಾಮಿ ಜಿ.ಎಂ. ತಿಳಿಸಿದರು. ಅವರು ಸೋಮವಾರ ಜಿಲ್ಲಾಧಿಕಾರಿಗಳ ಕಚೇರಿ ಸಭಾಂಗಣದಲ್ಲಿ ಕೆರೆ ಒತ್ತುವರಿ ತೆರವು ಮತ್ತು ಹೂಳು ತೆಗೆಯುವ ಕುರಿತು ಏರ್ಪಡಿಸಲಾಗಿದ್ದ ಸಭೆಯ ಅಧ್ಯಕ್ಷತೆ ವಹಿಸಿ ಮಾತನಾಡಿದರು. ಜಿಲ್ಲೆಯಲ್ಲಿ ಸಣ್ಣ ನೀರಾವರಿ ಇಲಾಖೆ ವ್ಯಾಪ್ತಿಯಲ್ಲಿ 72 ಕೆರೆಗಳಿದ್ದು 10807.27 ಎಕರೆ ವಿಸ್ತೀರ್ಣ ಹೊಂದಿವೆ. ಜಿಲ್ಲಾ ಪಂಚಾಯತ್ ವ್ಯಾಪ್ತಿಯಲ್ಲಿ 538 ಕೆರೆಗಳಿವೆ. ಇದರಲ್ಲಿ 262 ಎಕರೆ ಒತ್ತುವರಿಯಾಗಿದ್ದು 20 ಕೆರೆಗಳ 254 ಎಕರೆ ಒತ್ತುವರಿ ತೆರವು ಮಾಡಲಾಗಿದೆ. ಉಳಿದ ಕೆರೆಗಳ ಒತ್ತುವರಿಯನ್ನು ತೆರವುಗೊಳಿಸಬೇಕು. ಕೆರೆ ಮಣ್ಣನ್ನು ರೈತರು ತಮ್ಮ ಜಮೀನುಗಳಿಗೆ ಬಳಸಿಕೊಳ್ಳುವುದರಿಂದ ಫಲವತ್ತತೆ ಹೆಚ್ಚುವುದರ ಜೊತೆಗೆ ಕೆರೆಯಲ್ಲಿ ಹೆಚ್ಚಿನ ನೀರು ಸಂಗ್ರಹವಾಗಲಿದೆ ಎಂದರು. ಸಭೆಯಲ್ಲಿ ಅಪರ ಜಿಲ್ಲಾಧಿಕಾರಿ, ಉಪವಿಭಾಗಾಧಿಕಾರಿ, ತಹಶೀಲ್ದಾರರು ಹಾಗೂ ವಿವಿಧ ಇಲಾಖೆ ಅಧಿಕಾರಿಗಳು ಉಪಸ್ಥಿತರಿದ್ದರು.
ದಾವಣಗೆರೆ: ಕೆರೆಯಲ್ಲಿನ ಮಣ್ಣನ್ನು ರೈತರ ಜಮೀನುಗಳಿಗೆ ತೆಗೆದುಕೊಂಡು ಹೋಗಲು ಅವಕಾಶ ಕಲ್ಪಿಸಿ, ಮಣ್ಣು ತೆಗೆಯಲು ಗ್ರಾಮವಾರು ಗುರುತು ಮಾಡಲು ಎರಡು ದಿನಗಳಲ್ಲಿ ಜಾಗ ಗುರುತಿಸಬೇಕೆಂದು ಜಿಲ್ಲಾಧಿಕಾರಿ ಗಂಗಾಧರಸ್ವಾಮಿ ಜಿ.ಎಂ. ತಿಳಿಸಿದರು. ಅವರು ಸೋಮವಾರ ಜಿಲ್ಲಾಧಿಕಾರಿಗಳ ಕಚೇರಿ ಸಭಾಂಗಣದಲ್ಲಿ ಕೆರೆ ಒತ್ತುವರಿ ತೆರವು ಮತ್ತು ಹೂಳು ತೆಗೆಯುವ ಕುರಿತು ಏರ್ಪಡಿಸಲಾಗಿದ್ದ ಸಭೆಯ ಅಧ್ಯಕ್ಷತೆ ವಹಿಸಿ ಮಾತನಾಡಿದರು. ಜಿಲ್ಲೆಯಲ್ಲಿ ಸಣ್ಣ ನೀರಾವರಿ ಇಲಾಖೆ ವ್ಯಾಪ್ತಿಯಲ್ಲಿ 72 ಕೆರೆಗಳಿದ್ದು 10807.27 ಎಕರೆ ವಿಸ್ತೀರ್ಣ ಹೊಂದಿವೆ. ಜಿಲ್ಲಾ ಪಂಚಾಯತ್ ವ್ಯಾಪ್ತಿಯಲ್ಲಿ 538 ಕೆರೆಗಳಿವೆ. ಇದರಲ್ಲಿ 262 ಎಕರೆ ಒತ್ತುವರಿಯಾಗಿದ್ದು 20 ಕೆರೆಗಳ 254 ಎಕರೆ ಒತ್ತುವರಿ ತೆರವು ಮಾಡಲಾಗಿದೆ. ಉಳಿದ ಕೆರೆಗಳ ಒತ್ತುವರಿಯನ್ನು ತೆರವುಗೊಳಿಸಬೇಕು. ಕೆರೆ ಮಣ್ಣನ್ನು ರೈತರು ತಮ್ಮ ಜಮೀನುಗಳಿಗೆ ಬಳಸಿಕೊಳ್ಳುವುದರಿಂದ ಫಲವತ್ತತೆ ಹೆಚ್ಚುವುದರ ಜೊತೆಗೆ ಕೆರೆಯಲ್ಲಿ ಹೆಚ್ಚಿನ ನೀರು ಸಂಗ್ರಹವಾಗಲಿದೆ ಎಂದರು. ಸಭೆಯಲ್ಲಿ ಅಪರ ಜಿಲ್ಲಾಧಿಕಾರಿ, ಉಪವಿಭಾಗಾಧಿಕಾರಿ, ತಹಶೀಲ್ದಾರರು ಹಾಗೂ ವಿವಿಧ ಇಲಾಖೆ ಅಧಿಕಾರಿಗಳು ಉಪಸ್ಥಿತರಿದ್ದರು.
